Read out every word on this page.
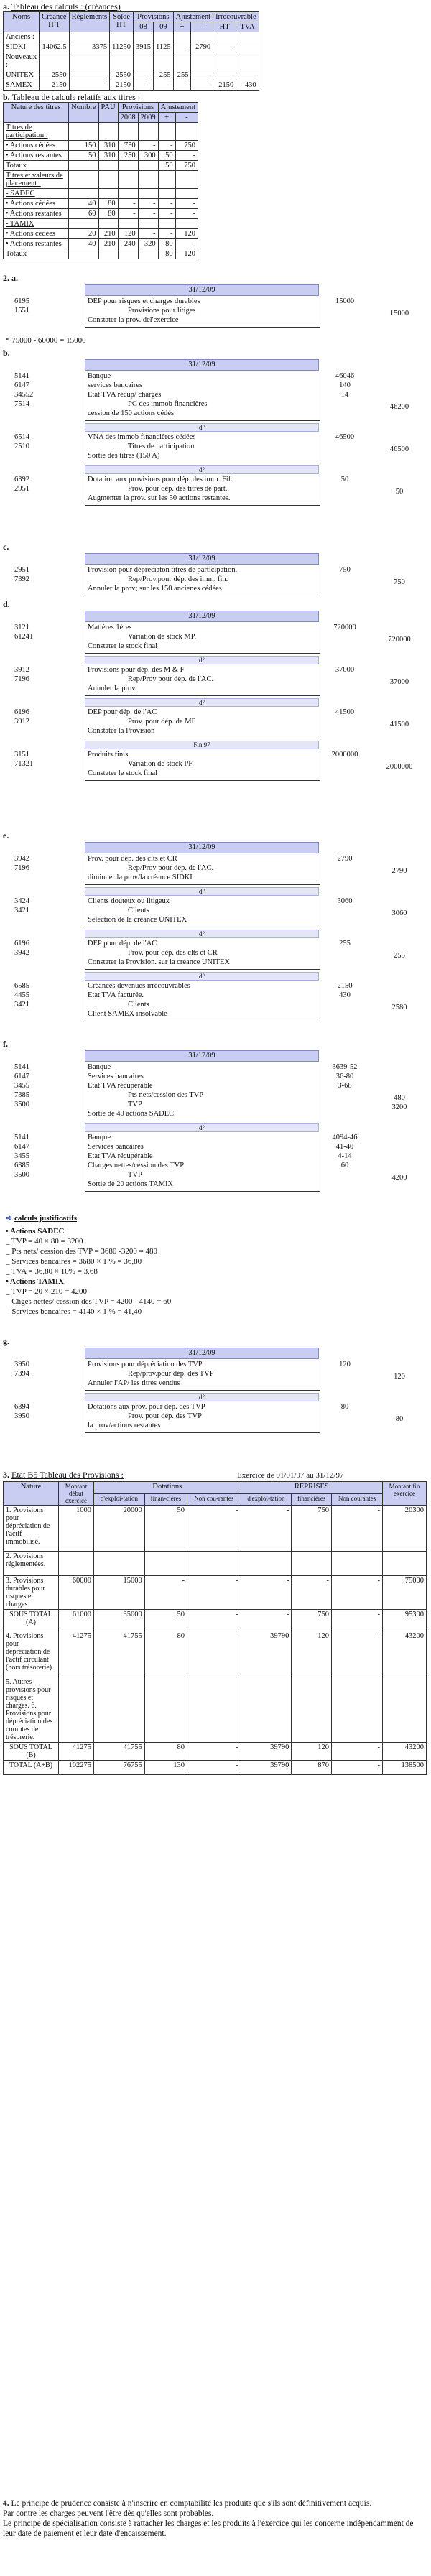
a. Tableau des calculs : (créances)
Noms	Créance H T	Règlements	Solde HT	Provisions		Ajustement		Irrecouvrable	
				08	09	+	-	HT	TVA
Anciens :									
SIDKI	14062.5	3375	11250	3915	1125	-	2790	-	
Nouveaux :									
UNITEX	2550	-	2550	-	255	255	-	-	-
SAMEX	2150	-	2150	-	-	-	-	2150	430
b. Tableau de calculs relatifs aux titres :
Nature des titres	Nombre	PAU	Provisions		Ajustement	
			2008	2009	+	-
Titres de participation :						
• Actions cédées	150	310	750	-	-	750
• Actions restantes	50	310	250	300	50	-
Totaux					50	750
Titres et valeurs de placement :						
- SADEC						
• Actions cédées	40	80	-	-	-	-
• Actions restantes	60	80	-	-	-	-
- TAMIX						
• Actions cédées	20	210	120	-	-	120
• Actions restantes	40	210	240	320	80	-
Totaux					80	120
2. a.
31/12/09
6195	DEP pour risques et charges durables	15000
1551	Provisions pour litiges	15000
Constater la prov. del'exercice
* 75000 - 60000 = 15000
b.
31/12/09
5141	Banque	46046
6147	services bancaires	140
34552	Etat TVA récup/ charges	14
7514	PC des immob financières	46200
cession de 150 actions cédés
d°
6514	VNA des immob financières cédées	46500
2510	Titres de participation	46500
Sortie des titres (150 A)
d°
6392	Dotation aux provisions pour dép. des imm. Fif.	50
2951	Prov. pour dép. des titres de part.	50
Augmenter la prov. sur les 50 actions restantes.
c.
31/12/09
2951	Provision pour dépréciaton titres de participation.	750
7392	Rep/Prov.pour dép. des imm. fin.	750
Annuler la prov; sur les 150 ancienes cédées
d.
31/12/09
3121	Matières 1ères	720000
61241	Variation de stock MP.	720000
Constater le stock final
d°
3912	Provisions pour dép. des M & F	37000
7196	Rep/Prov pour dép. de l'AC.	37000
Annuler la prov.
d°
6196	DEP pour dép. de l'AC	41500
3912	Prov. pour dép. de MF	41500
Constater la Provision
Fin 97
3151	Produits finis	2000000
71321	Variation de stock PF.	2000000
Constater le stock final
e.
31/12/09
3942	Prov. pour dép. des clts et CR	2790
7196	Rep/Prov pour dép. de l'AC.	2790
diminuer la prov/la créance SIDKI
d°
3424	Clients douteux ou litigeux	3060
3421	Clients	3060
Selection de la créance UNITEX
d°
6196	DEP pour dép. de l'AC	255
3942	Prov. pour dép. des clts et CR	255
Constater la Provision. sur la créance UNITEX
d°
6585	Créances devenues irrécouvrables	2150
4455	Etat TVA facturée.	430
3421	Clients	2580
Client SAMEX insolvable
f.
31/12/09
5141	Banque	3639-52
6147	Services bancaires	36-80
3455	Etat TVA récupérable	3-68
7385	Pts nets/cession des TVP	480
3500	TVP	3200
Sortie de 40 actions SADEC
d°
5141	Banque	4094-46
6147	Services bancaires	41-40
3455	Etat TVA récupérable	4-14
6385	Charges nettes/cession des TVP	60
3500	TVP	4200
Sortie de 20 actions TAMIX
➪ calculs justificatifs
• Actions SADEC
_ TVP = 40 × 80 = 3200
_ Pts nets/ cession des TVP = 3680 -3200 = 480
_ Services bancaires = 3680 × 1 % = 36,80
_ TVA = 36,80 × 10% = 3,68
• Actions TAMIX
_ TVP = 20 × 210 = 4200
_ Chges nettes/ cession des TVP = 4200 - 4140 = 60
_ Services bancaires = 4140 × 1 % = 41,40
g.
31/12/09
3950	Provisions pour dépréciation des TVP	120
7394	Rep/prov.pour dép. des TVP	120
Annuler l'AP/ les titres vendus
d°
6394	Dotations aux prov. pour dép. des TVP	80
3950	Prov. pour dép. des TVP	80
la prov/actions restantes
3. Etat B5 Tableau des Provisions :	Exercice de 01/01/97 au 31/12/97
Nature	Montant début exercice	Dotations			REPRISES			Montant fin exercice
		d'exploi-tation	finan-cières	Non cou-rantes	d'exploi-tation	financières	Non courantes	
1. Provisions pour dépréciation de l'actif immobilisé.	1000	20000	50	-	-	750	-	20300
2. Provisions réglementées.								
3. Provisions durables pour risques et charges	60000	15000	-	-	-	-	-	75000
SOUS TOTAL (A)	61000	35000	50	-	-	750	-	95300
4. Provisions pour dépréciation de l'actif circulant (hors trésorerie).	41275	41755	80	-	39790	120	-	43200
5. Autres provisions pour risques et charges. 6. Provisions pour dépréciation des comptes de trésorerie.								
SOUS TOTAL (B)	41275	41755	80	-	39790	120	-	43200
TOTAL (A+B)	102275	76755	130	-	39790	870	-	138500
4. Le principe de prudence consiste à n'inscrire en comptabilité les produits que s'ils sont définitivement acquis.
Par contre les charges peuvent l'être dès qu'elles sont probables.
Le principe de spécialisation consiste à rattacher les charges et les produits à l'exercice qui les concerne indépendamment de leur date de paiement et leur date d'encaissement.
